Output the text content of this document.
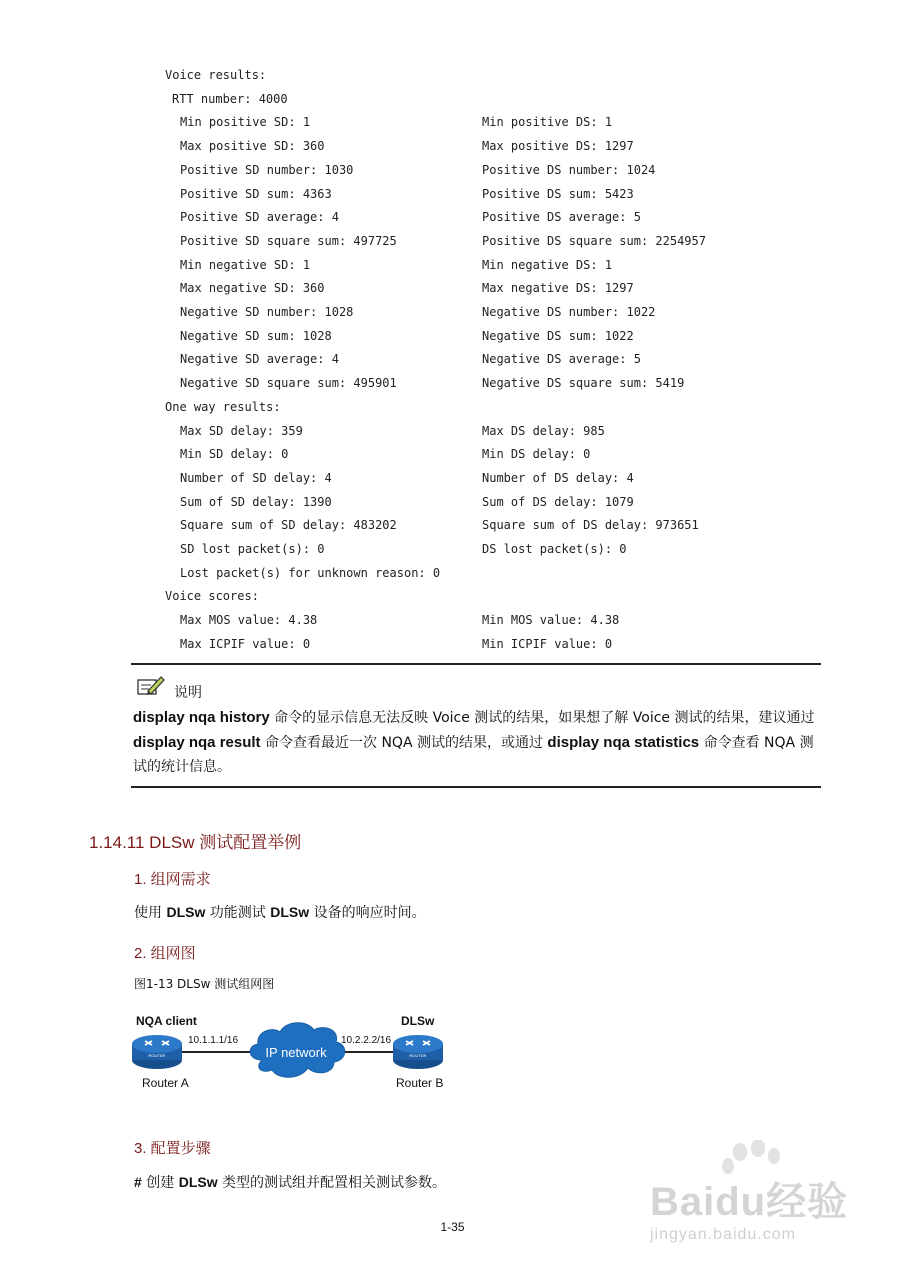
Voice results:
RTT number: 4000
Min positive SD: 1	Min positive DS: 1
Max positive SD: 360	Max positive DS: 1297
Positive SD number: 1030	Positive DS number: 1024
Positive SD sum: 4363	Positive DS sum: 5423
Positive SD average: 4	Positive DS average: 5
Positive SD square sum: 497725	Positive DS square sum: 2254957
Min negative SD: 1	Min negative DS: 1
Max negative SD: 360	Max negative DS: 1297
Negative SD number: 1028	Negative DS number: 1022
Negative SD sum: 1028	Negative DS sum: 1022
Negative SD average: 4	Negative DS average: 5
Negative SD square sum: 495901	Negative DS square sum: 5419
One way results:
Max SD delay: 359	Max DS delay: 985
Min SD delay: 0	Min DS delay: 0
Number of SD delay: 4	Number of DS delay: 4
Sum of SD delay: 1390	Sum of DS delay: 1079
Square sum of SD delay: 483202	Square sum of DS delay: 973651
SD lost packet(s): 0	DS lost packet(s): 0
Lost packet(s) for unknown reason: 0
Voice scores:
Max MOS value: 4.38	Min MOS value: 4.38
Max ICPIF value: 0	Min ICPIF value: 0
说明
display nqa history 命令的显示信息无法反映 Voice 测试的结果，如果想了解 Voice 测试的结果，建议通过 display nqa result 命令查看最近一次 NQA 测试的结果，或通过 display nqa statistics 命令查看 NQA 测试的统计信息。
1.14.11 DLSw 测试配置举例
1. 组网需求
使用 DLSw 功能测试 DLSw 设备的响应时间。
2. 组网图
图1-13 DLSw 测试组网图
IP network
ROUTER	ROUTER
NQA client
10.1.1.1/16
Router A
DLSw
10.2.2.2/16
Router B
3. 配置步骤
# 创建 DLSw 类型的测试组并配置相关测试参数。
1-35
Baidu经验
jingyan.baidu.com
